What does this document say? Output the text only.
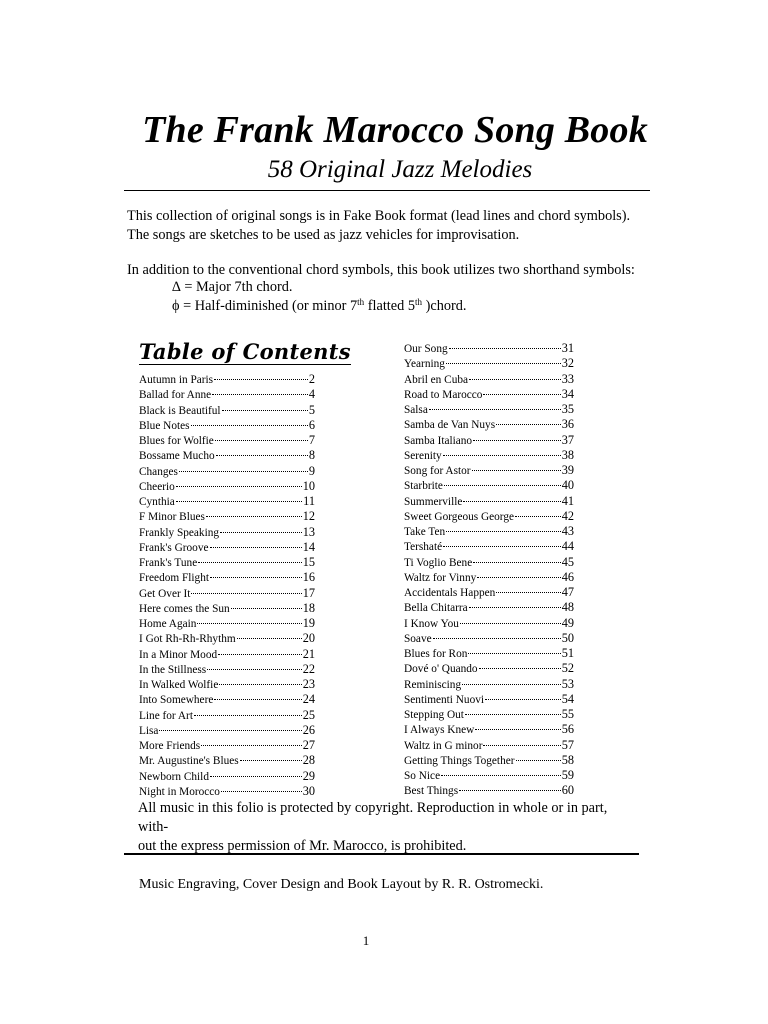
The Frank Marocco Song Book
58 Original Jazz Melodies
This collection of original songs is in Fake Book format (lead lines and chord symbols).
The songs are sketches to be used as jazz vehicles for improvisation.
In addition to the conventional chord symbols, this book utilizes two shorthand symbols:
∆ = Major 7th chord.
ϕ = Half-diminished (or minor 7th flatted 5th )chord.
Table of Contents
Autumn in Paris	2
Ballad for Anne	4
Black is Beautiful	5
Blue Notes	6
Blues for Wolfie	7
Bossame Mucho	8
Changes	9
Cheerio	10
Cynthia	11
F Minor Blues	12
Frankly Speaking	13
Frank's Groove	14
Frank's Tune	15
Freedom Flight	16
Get Over It	17
Here comes the Sun	18
Home Again	19
I Got Rh-Rh-Rhythm	20
In a Minor Mood	21
In the Stillness	22
In Walked Wolfie	23
Into Somewhere	24
Line for Art	25
Lisa	26
More Friends	27
Mr. Augustine's Blues	28
Newborn Child	29
Night in Morocco	30
Our Song	31
Yearning	32
Abril en Cuba	33
Road to Marocco	34
Salsa	35
Samba de Van Nuys	36
Samba Italiano	37
Serenity	38
Song for Astor	39
Starbrite	40
Summerville	41
Sweet Gorgeous George	42
Take Ten	43
Tershaté	44
Ti Voglio Bene	45
Waltz for Vinny	46
Accidentals Happen	47
Bella Chitarra	48
I Know You	49
Soave	50
Blues for Ron	51
Dové o' Quando	52
Reminiscing	53
Sentimenti Nuovi	54
Stepping Out	55
I Always Knew	56
Waltz in G minor	57
Getting Things Together	58
So Nice	59
Best Things	60
All music in this folio is protected by copyright. Reproduction in whole or in part, with-
out the express permission of Mr. Marocco, is prohibited.
Music Engraving, Cover Design and Book Layout by R. R. Ostromecki.
1
